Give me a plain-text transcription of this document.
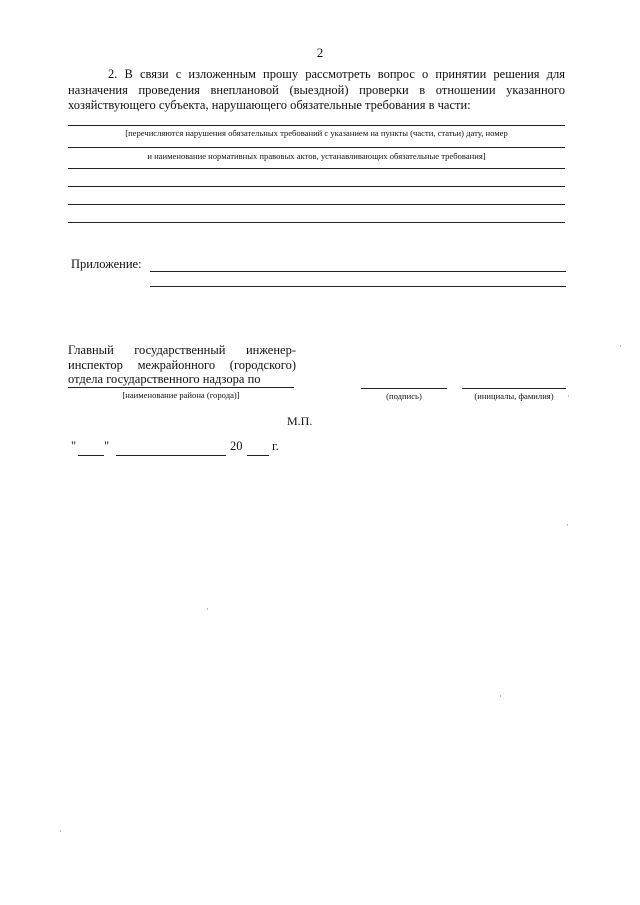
2
2. В связи с изложенным прошу рассмотреть вопрос о принятии решения для назначения проведения внеплановой (выездной) проверки в отношении указанного хозяйствующего субъекта, нарушающего обязательные требования в части:
[перечисляются нарушения обязательных требований с указанием на пункты (части, статьи) дату, номер
и наименование нормативных правовых актов, устанавливающих обязательные требования]
Приложение:
Главный государственный инженер-
инспектор межрайонного (городского)
отдела государственного надзора по
[наименование района (города)]	(подпись)	(инициалы, фамилия)
М.П.
" "	20 г.
